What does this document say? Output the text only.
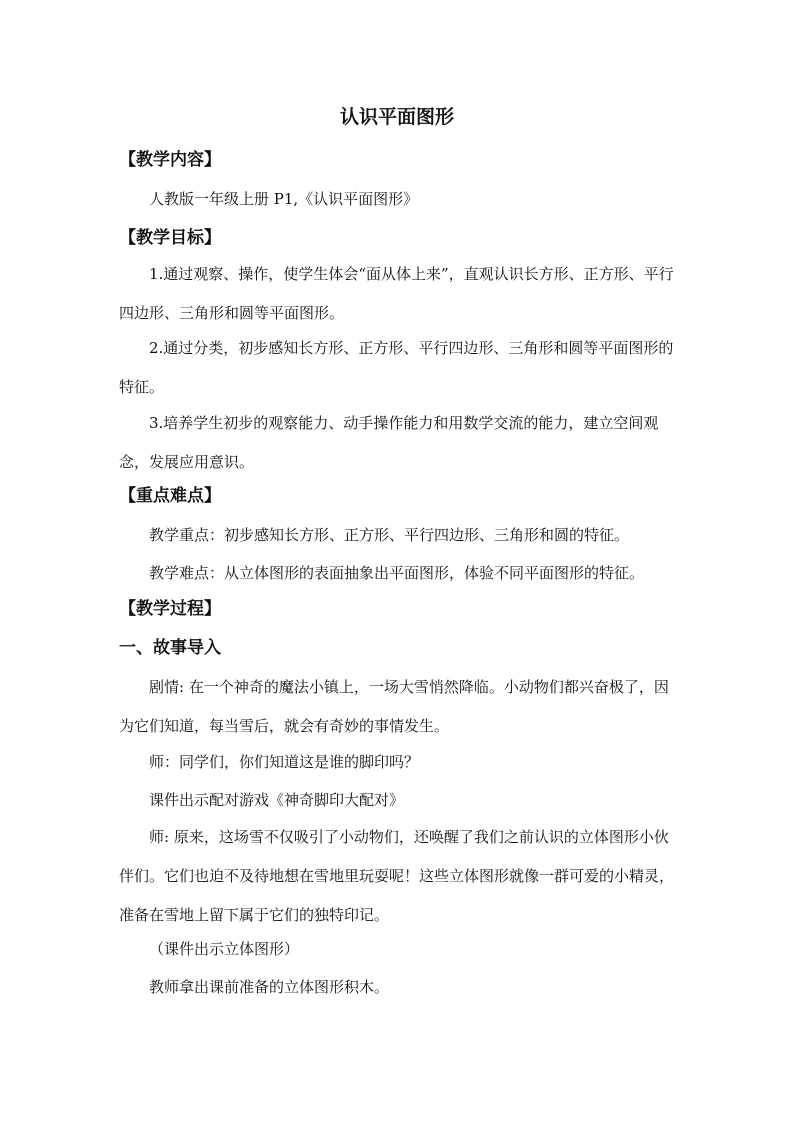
认识平面图形
【教学内容】

人教版一年级上册 P1,《认识平面图形》

【教学目标】

1.通过观察、操作，使学生体会“面从体上来”，直观认识长方形、正方形、平行四边形、三角形和圆等平面图形。

2.通过分类，初步感知长方形、正方形、平行四边形、三角形和圆等平面图形的特征。

3.培养学生初步的观察能力、动手操作能力和用数学交流的能力，建立空间观念，发展应用意识。

【重点难点】

教学重点：初步感知长方形、正方形、平行四边形、三角形和圆的特征。

教学难点：从立体图形的表面抽象出平面图形，体验不同平面图形的特征。

【教学过程】
一、故事导入

剧情: 在一个神奇的魔法小镇上，一场大雪悄然降临。小动物们都兴奋极了，因为它们知道，每当雪后，就会有奇妙的事情发生。

师：同学们，你们知道这是谁的脚印吗？

课件出示配对游戏《神奇脚印大配对》

师: 原来，这场雪不仅吸引了小动物们，还唤醒了我们之前认识的立体图形小伙伴们。它们也迫不及待地想在雪地里玩耍呢！这些立体图形就像一群可爱的小精灵，准备在雪地上留下属于它们的独特印记。

（课件出示立体图形）

教师拿出课前准备的立体图形积木。
